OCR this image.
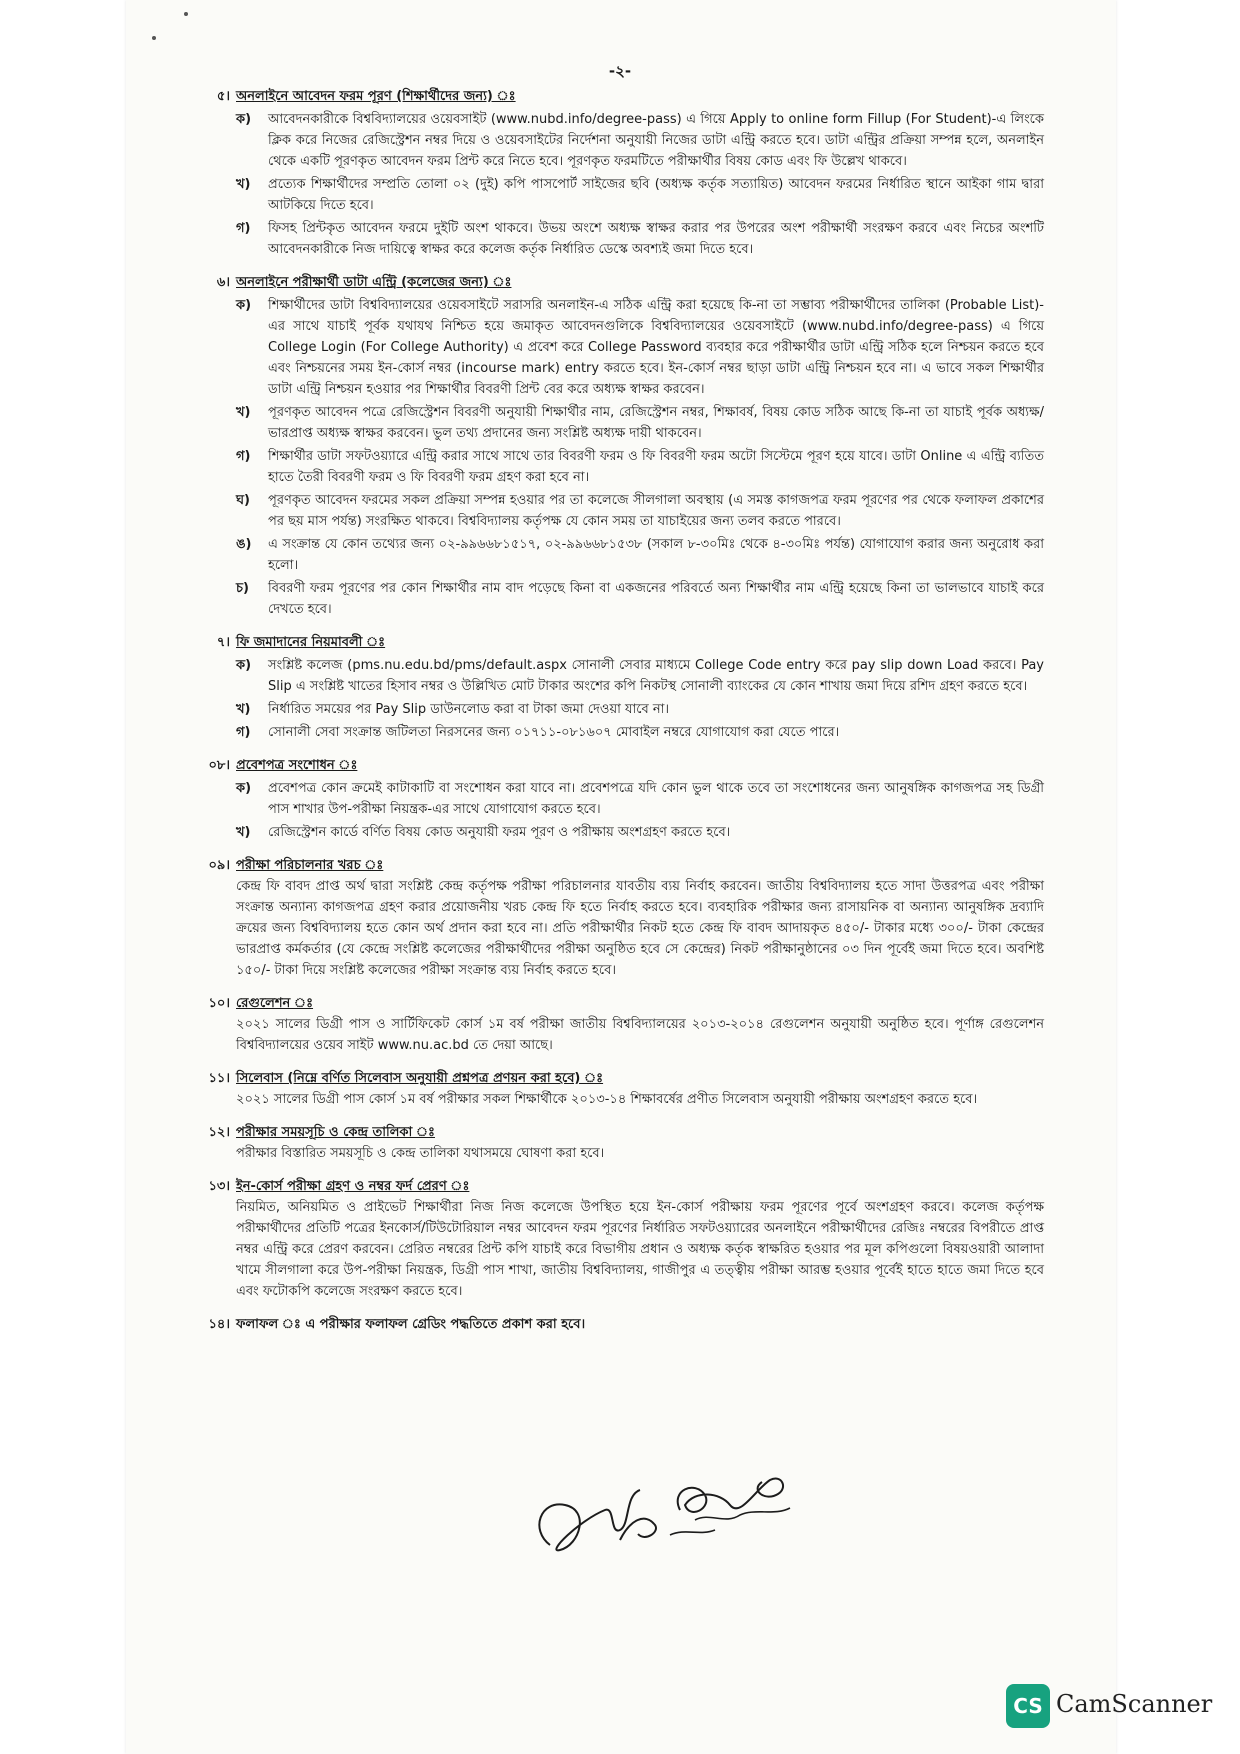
-২-
৫। অনলাইনে আবেদন ফরম পূরণ (শিক্ষার্থীদের জন্য) ঃ
ক)	আবেদনকারীকে বিশ্ববিদ্যালয়ের ওয়েবসাইট (www.nubd.info/degree-pass) এ গিয়ে Apply to online form Fillup (For Student)-এ লিংকে ক্লিক করে নিজের রেজিস্ট্রেশন নম্বর দিয়ে ও ওয়েবসাইটের নির্দেশনা অনুযায়ী নিজের ডাটা এন্ট্রি করতে হবে। ডাটা এন্ট্রির প্রক্রিয়া সম্পন্ন হলে, অনলাইন থেকে একটি পূরণকৃত আবেদন ফরম প্রিন্ট করে নিতে হবে। পূরণকৃত ফরমটিতে পরীক্ষার্থীর বিষয় কোড এবং ফি উল্লেখ থাকবে।
খ)	প্রত্যেক শিক্ষার্থীদের সম্প্রতি তোলা ০২ (দুই) কপি পাসপোর্ট সাইজের ছবি (অধ্যক্ষ কর্তৃক সত্যায়িত) আবেদন ফরমের নির্ধারিত স্থানে আইকা গাম দ্বারা আটকিয়ে দিতে হবে।
গ)	ফিসহ প্রিন্টকৃত আবেদন ফরমে দুইটি অংশ থাকবে। উভয় অংশে অধ্যক্ষ স্বাক্ষর করার পর উপরের অংশ পরীক্ষার্থী সংরক্ষণ করবে এবং নিচের অংশটি আবেদনকারীকে নিজ দায়িত্বে স্বাক্ষর করে কলেজ কর্তৃক নির্ধারিত ডেস্কে অবশ্যই জমা দিতে হবে।
৬। অনলাইনে পরীক্ষার্থী ডাটা এন্ট্রি (কলেজের জন্য) ঃ
ক)	শিক্ষার্থীদের ডাটা বিশ্ববিদ্যালয়ের ওয়েবসাইটে সরাসরি অনলাইন-এ সঠিক এন্ট্রি করা হয়েছে কি-না তা সম্ভাব্য পরীক্ষার্থীদের তালিকা (Probable List)-এর সাথে যাচাই পূর্বক যথাযথ নিশ্চিত হয়ে জমাকৃত আবেদনগুলিকে বিশ্ববিদ্যালয়ের ওয়েবসাইটে (www.nubd.info/degree-pass) এ গিয়ে College Login (For College Authority) এ প্রবেশ করে College Password ব্যবহার করে পরীক্ষার্থীর ডাটা এন্ট্রি সঠিক হলে নিশ্চয়ন করতে হবে এবং নিশ্চয়নের সময় ইন-কোর্স নম্বর (incourse mark) entry করতে হবে। ইন-কোর্স নম্বর ছাড়া ডাটা এন্ট্রি নিশ্চয়ন হবে না। এ ভাবে সকল শিক্ষার্থীর ডাটা এন্ট্রি নিশ্চয়ন হওয়ার পর শিক্ষার্থীর বিবরণী প্রিন্ট বের করে অধ্যক্ষ স্বাক্ষর করবেন।
খ)	পূরণকৃত আবেদন পত্রে রেজিস্ট্রেশন বিবরণী অনুযায়ী শিক্ষার্থীর নাম, রেজিস্ট্রেশন নম্বর, শিক্ষাবর্ষ, বিষয় কোড সঠিক আছে কি-না তা যাচাই পূর্বক অধ্যক্ষ/ভারপ্রাপ্ত অধ্যক্ষ স্বাক্ষর করবেন। ভুল তথ্য প্রদানের জন্য সংশ্লিষ্ট অধ্যক্ষ দায়ী থাকবেন।
গ)	শিক্ষার্থীর ডাটা সফটওয়্যারে এন্ট্রি করার সাথে সাথে তার বিবরণী ফরম ও ফি বিবরণী ফরম অটো সিস্টেমে পূরণ হয়ে যাবে। ডাটা Online এ এন্ট্রি ব্যতিত হাতে তৈরী বিবরণী ফরম ও ফি বিবরণী ফরম গ্রহণ করা হবে না।
ঘ)	পূরণকৃত আবেদন ফরমের সকল প্রক্রিয়া সম্পন্ন হওয়ার পর তা কলেজে সীলগালা অবস্থায় (এ সমস্ত কাগজপত্র ফরম পূরণের পর থেকে ফলাফল প্রকাশের পর ছয় মাস পর্যন্ত) সংরক্ষিত থাকবে। বিশ্ববিদ্যালয় কর্তৃপক্ষ যে কোন সময় তা যাচাইয়ের জন্য তলব করতে পারবে।
ঙ)	এ সংক্রান্ত যে কোন তথ্যের জন্য ০২-৯৯৬৬৮১৫১৭, ০২-৯৯৬৬৮১৫৩৮ (সকাল ৮-৩০মিঃ থেকে ৪-৩০মিঃ পর্যন্ত) যোগাযোগ করার জন্য অনুরোধ করা হলো।
চ)	বিবরণী ফরম পূরণের পর কোন শিক্ষার্থীর নাম বাদ পড়েছে কিনা বা একজনের পরিবর্তে অন্য শিক্ষার্থীর নাম এন্ট্রি হয়েছে কিনা তা ভালভাবে যাচাই করে দেখতে হবে।
৭। ফি জমাদানের নিয়মাবলী ঃ
ক)	সংশ্লিষ্ট কলেজ (pms.nu.edu.bd/pms/default.aspx সোনালী সেবার মাধ্যমে College Code entry করে pay slip down Load করবে। Pay Slip এ সংশ্লিষ্ট খাতের হিসাব নম্বর ও উল্লিখিত মোট টাকার অংশের কপি নিকটস্থ সোনালী ব্যাংকের যে কোন শাখায় জমা দিয়ে রশিদ গ্রহণ করতে হবে।
খ)	নির্ধারিত সময়ের পর Pay Slip ডাউনলোড করা বা টাকা জমা দেওয়া যাবে না।
গ)	সোনালী সেবা সংক্রান্ত জটিলতা নিরসনের জন্য ০১৭১১-০৮১৬০৭ মোবাইল নম্বরে যোগাযোগ করা যেতে পারে।
০৮। প্রবেশপত্র সংশোধন ঃ
ক)	প্রবেশপত্র কোন ক্রমেই কাটাকাটি বা সংশোধন করা যাবে না। প্রবেশপত্রে যদি কোন ভুল থাকে তবে তা সংশোধনের জন্য আনুষঙ্গিক কাগজপত্র সহ ডিগ্রী পাস শাখার উপ-পরীক্ষা নিয়ন্ত্রক-এর সাথে যোগাযোগ করতে হবে।
খ)	রেজিস্ট্রেশন কার্ডে বর্ণিত বিষয় কোড অনুযায়ী ফরম পূরণ ও পরীক্ষায় অংশগ্রহণ করতে হবে।
০৯। পরীক্ষা পরিচালনার খরচ ঃ
কেন্দ্র ফি বাবদ প্রাপ্ত অর্থ দ্বারা সংশ্লিষ্ট কেন্দ্র কর্তৃপক্ষ পরীক্ষা পরিচালনার যাবতীয় ব্যয় নির্বাহ করবেন। জাতীয় বিশ্ববিদ্যালয় হতে সাদা উত্তরপত্র এবং পরীক্ষা সংক্রান্ত অন্যান্য কাগজপত্র গ্রহণ করার প্রয়োজনীয় খরচ কেন্দ্র ফি হতে নির্বাহ করতে হবে। ব্যবহারিক পরীক্ষার জন্য রাসায়নিক বা অন্যান্য আনুষঙ্গিক দ্রব্যাদি ক্রয়ের জন্য বিশ্ববিদ্যালয় হতে কোন অর্থ প্রদান করা হবে না। প্রতি পরীক্ষার্থীর নিকট হতে কেন্দ্র ফি বাবদ আদায়কৃত ৪৫০/- টাকার মধ্যে ৩০০/- টাকা কেন্দ্রের ভারপ্রাপ্ত কর্মকর্তার (যে কেন্দ্রে সংশ্লিষ্ট কলেজের পরীক্ষার্থীদের পরীক্ষা অনুষ্ঠিত হবে সে কেন্দ্রের) নিকট পরীক্ষানুষ্ঠানের ০৩ দিন পূর্বেই জমা দিতে হবে। অবশিষ্ট ১৫০/- টাকা দিয়ে সংশ্লিষ্ট কলেজের পরীক্ষা সংক্রান্ত ব্যয় নির্বাহ করতে হবে।
১০। রেগুলেশন ঃ
২০২১ সালের ডিগ্রী পাস ও সার্টিফিকেট কোর্স ১ম বর্ষ পরীক্ষা জাতীয় বিশ্ববিদ্যালয়ের ২০১৩-২০১৪ রেগুলেশন অনুযায়ী অনুষ্ঠিত হবে। পূর্ণাঙ্গ রেগুলেশন বিশ্ববিদ্যালয়ের ওয়েব সাইট www.nu.ac.bd তে দেয়া আছে।
১১। সিলেবাস (নিম্নে বর্ণিত সিলেবাস অনুযায়ী প্রশ্নপত্র প্রণয়ন করা হবে) ঃ
২০২১ সালের ডিগ্রী পাস কোর্স ১ম বর্ষ পরীক্ষার সকল শিক্ষার্থীকে ২০১৩-১৪ শিক্ষাবর্ষের প্রণীত সিলেবাস অনুযায়ী পরীক্ষায় অংশগ্রহণ করতে হবে।
১২। পরীক্ষার সময়সূচি ও কেন্দ্র তালিকা ঃ
পরীক্ষার বিস্তারিত সময়সূচি ও কেন্দ্র তালিকা যথাসময়ে ঘোষণা করা হবে।
১৩। ইন-কোর্স পরীক্ষা গ্রহণ ও নম্বর ফর্দ প্রেরণ ঃ
নিয়মিত, অনিয়মিত ও প্রাইভেট শিক্ষার্থীরা নিজ নিজ কলেজে উপস্থিত হয়ে ইন-কোর্স পরীক্ষায় ফরম পূরণের পূর্বে অংশগ্রহণ করবে। কলেজ কর্তৃপক্ষ পরীক্ষার্থীদের প্রতিটি পত্রের ইনকোর্স/টিউটোরিয়াল নম্বর আবেদন ফরম পূরণের নির্ধারিত সফটওয়্যারের অনলাইনে পরীক্ষার্থীদের রেজিঃ নম্বরের বিপরীতে প্রাপ্ত নম্বর এন্ট্রি করে প্রেরণ করবেন। প্রেরিত নম্বরের প্রিন্ট কপি যাচাই করে বিভাগীয় প্রধান ও অধ্যক্ষ কর্তৃক স্বাক্ষরিত হওয়ার পর মূল কপিগুলো বিষয়ওয়ারী আলাদা খামে সীলগালা করে উপ-পরীক্ষা নিয়ন্ত্রক, ডিগ্রী পাস শাখা, জাতীয় বিশ্ববিদ্যালয়, গাজীপুর এ তত্ত্বীয় পরীক্ষা আরম্ভ হওয়ার পূর্বেই হাতে হাতে জমা দিতে হবে এবং ফটোকপি কলেজে সংরক্ষণ করতে হবে।
১৪। ফলাফল ঃ এ পরীক্ষার ফলাফল গ্রেডিং পদ্ধতিতে প্রকাশ করা হবে।
CS CamScanner
